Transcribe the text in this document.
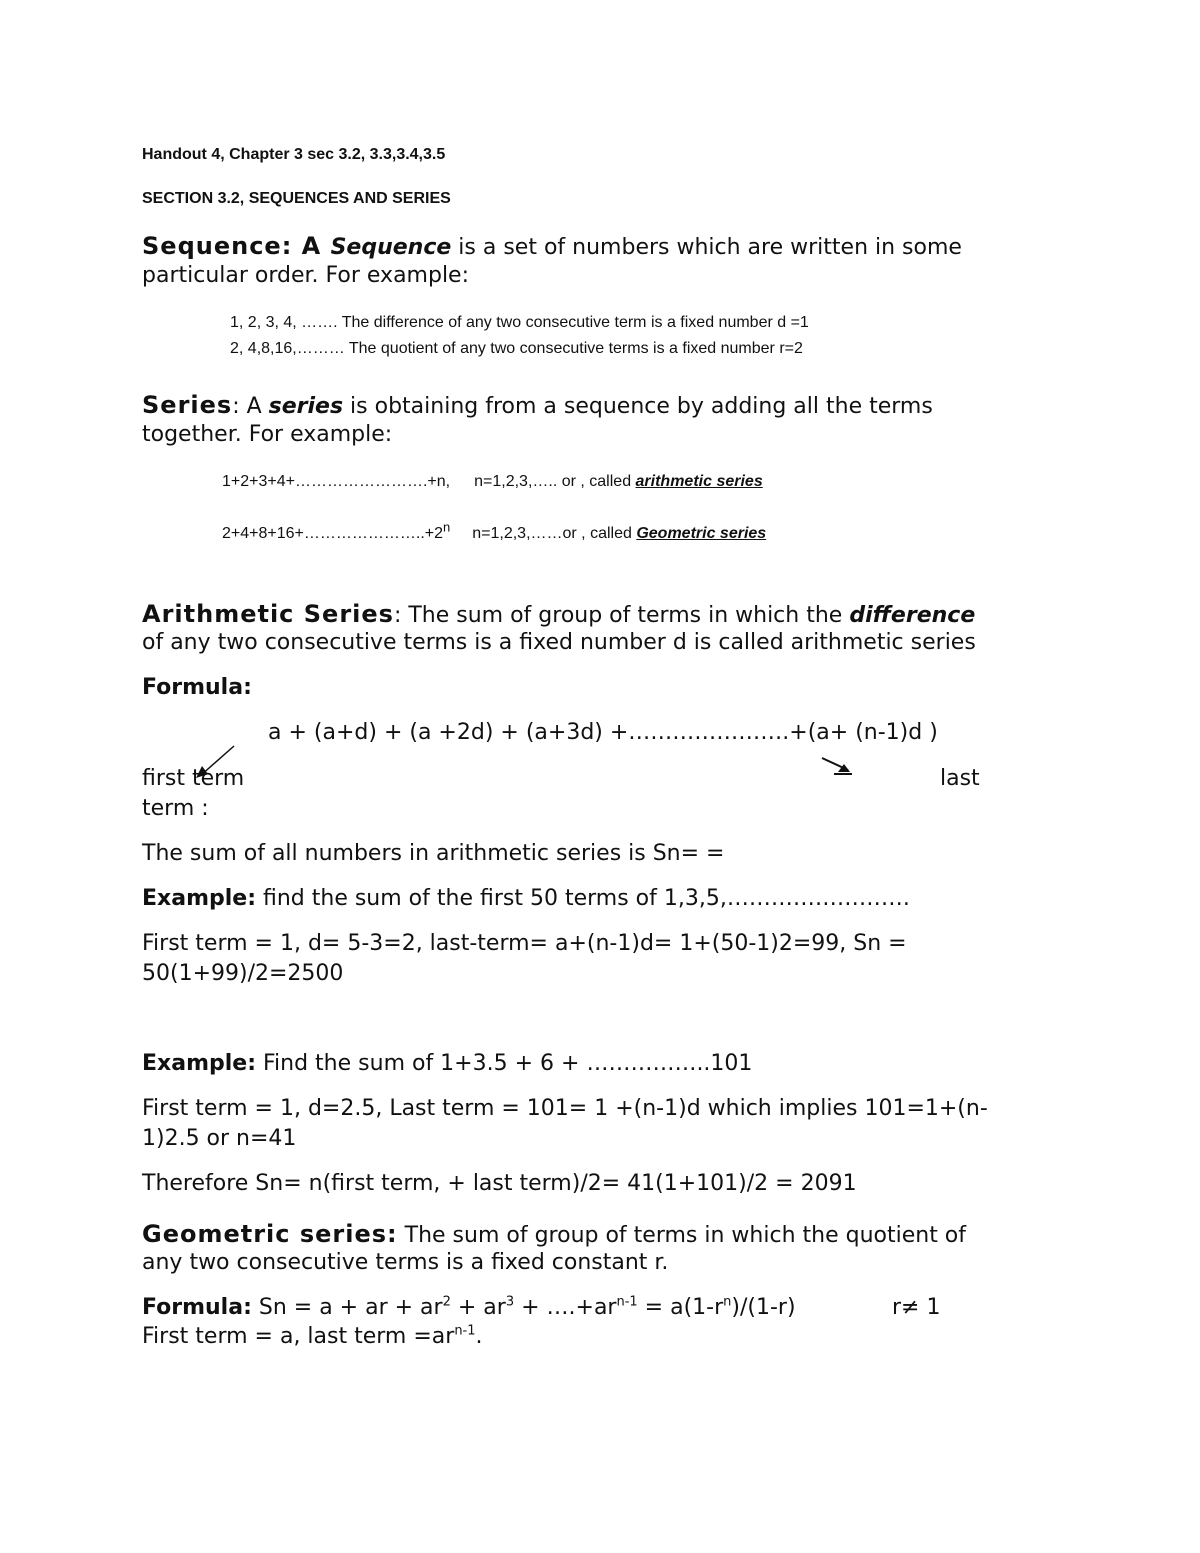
Handout 4, Chapter 3 sec 3.2, 3.3,3.4,3.5
SECTION 3.2, SEQUENCES AND SERIES
Sequence: A Sequence is a set of numbers which are written in some
particular order. For example:
1, 2, 3, 4, ……. The difference of any two consecutive term is a fixed number d =1
2, 4,8,16,……… The quotient of any two consecutive terms is a fixed number r=2
Series: A series is obtaining from a sequence by adding all the terms
together. For example:
1+2+3+4+…………………….+n, n=1,2,3,….. or , called arithmetic series
$2+4+8+16+\dots\dots\dots\dots\dots\dots\dots..+2^n$ n=1,2,3,……or , called Geometric series
Arithmetic Series: The sum of group of terms in which the difference
of any two consecutive terms is a fixed number d is called arithmetic series
Formula:
a + (a+d) + (a +2d) + (a+3d) +………………….+(a+ (n-1)d )
first term	last
term :
The sum of all numbers in arithmetic series is Sn= =
Example: find the sum of the first 50 terms of 1,3,5,…………………….
First term = 1, d= 5-3=2, last-term= a+(n-1)d= 1+(50-1)2=99, Sn =
50(1+99)/2=2500
Example: Find the sum of 1+3.5 + 6 + ……………..101
First term = 1, d=2.5, Last term = 101= 1 +(n-1)d which implies 101=1+(n-
1)2.5 or n=41
Therefore Sn= n(first term, + last term)/2= 41(1+101)/2 = 2091
Geometric series: The sum of group of terms in which the quotient of
any two consecutive terms is a fixed constant r.
Formula: Sn = a + ar + $ar^2 + ar^3$ + $\dots.+ar^{n-1} = a(1-r^n)/(1-r)$	r≠ 1
First term = a, last term $=ar^{n-1}$.
